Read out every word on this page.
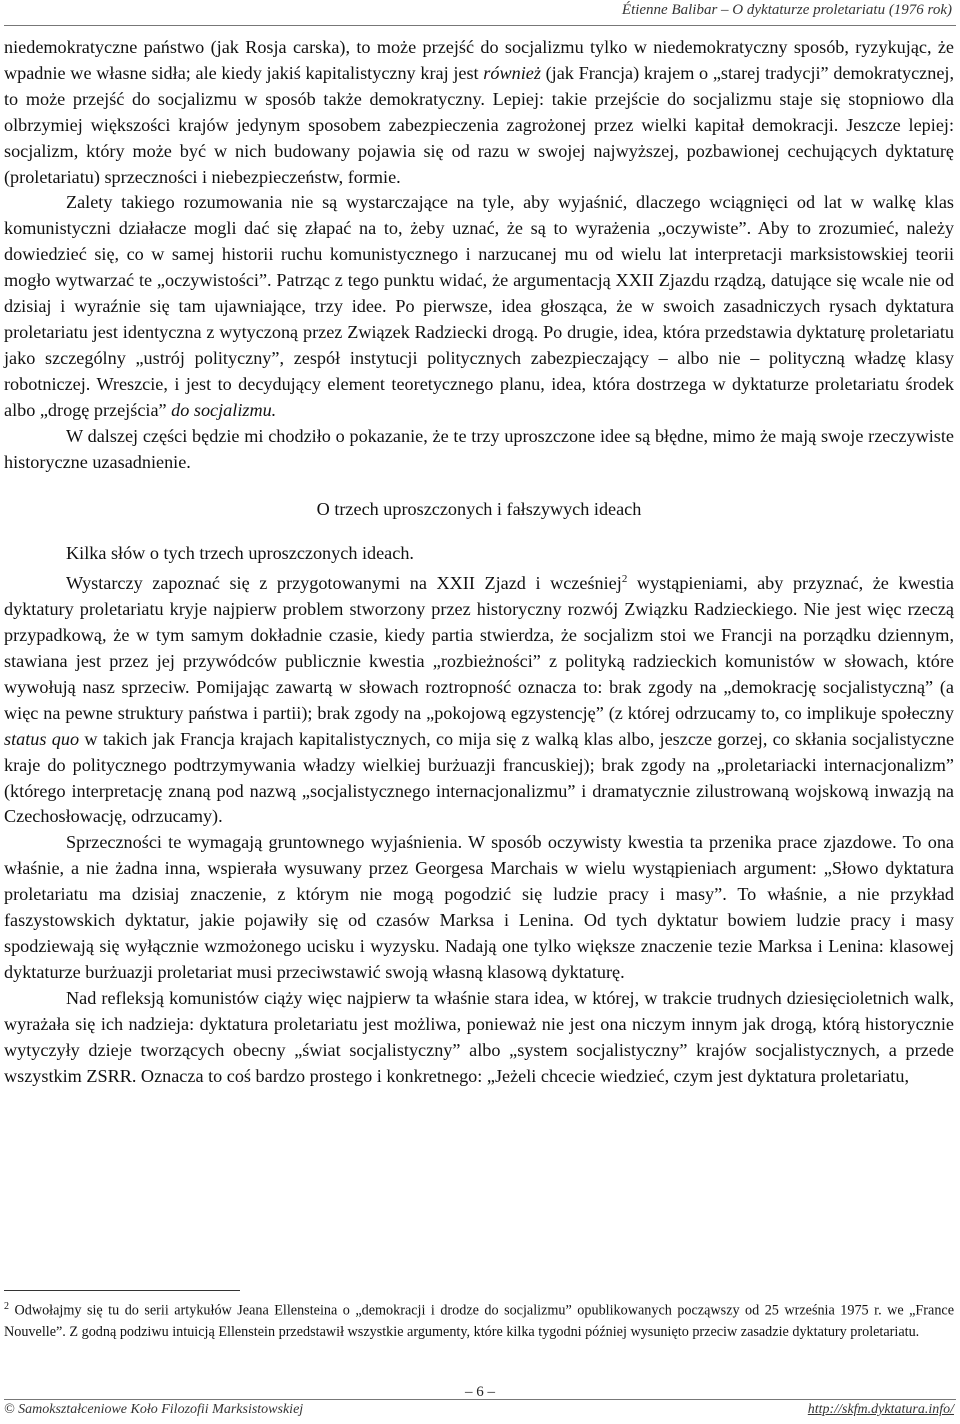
Étienne Balibar – O dyktaturze proletariatu (1976 rok)

niedemokratyczne państwo (jak Rosja carska), to może przejść do socjalizmu tylko w niedemokratyczny sposób, ryzykując, że wpadnie we własne sidła; ale kiedy jakiś kapitalistyczny kraj jest również (jak Francja) krajem o „starej tradycji” demokratycznej, to może przejść do socjalizmu w sposób także demokratyczny. Lepiej: takie przejście do socjalizmu staje się stopniowo dla olbrzymiej większości krajów jedynym sposobem zabezpieczenia zagrożonej przez wielki kapitał demokracji. Jeszcze lepiej: socjalizm, który może być w nich budowany pojawia się od razu w swojej najwyższej, pozbawionej cechujących dyktaturę (proletariatu) sprzeczności i niebezpieczeństw, formie.

Zalety takiego rozumowania nie są wystarczające na tyle, aby wyjaśnić, dlaczego wciągnięci od lat w walkę klas komunistyczni działacze mogli dać się złapać na to, żeby uznać, że są to wyrażenia „oczywiste”. Aby to zrozumieć, należy dowiedzieć się, co w samej historii ruchu komunistycznego i narzucanej mu od wielu lat interpretacji marksistowskiej teorii mogło wytwarzać te „oczywistości”. Patrząc z tego punktu widać, że argumentacją XXII Zjazdu rządzą, datujące się wcale nie od dzisiaj i wyraźnie się tam ujawniające, trzy idee. Po pierwsze, idea głosząca, że w swoich zasadniczych rysach dyktatura proletariatu jest identyczna z wytyczoną przez Związek Radziecki drogą. Po drugie, idea, która przedstawia dyktaturę proletariatu jako szczególny „ustrój polityczny”, zespół instytucji politycznych zabezpieczający – albo nie – polityczną władzę klasy robotniczej. Wreszcie, i jest to decydujący element teoretycznego planu, idea, która dostrzega w dyktaturze proletariatu środek albo „drogę przejścia” do socjalizmu.

W dalszej części będzie mi chodziło o pokazanie, że te trzy uproszczone idee są błędne, mimo że mają swoje rzeczywiste historyczne uzasadnienie.

O trzech uproszczonych i fałszywych ideach

Kilka słów o tych trzech uproszczonych ideach.

Wystarczy zapoznać się z przygotowanymi na XXII Zjazd i wcześniej$^2$ wystąpieniami, aby przyznać, że kwestia dyktatury proletariatu kryje najpierw problem stworzony przez historyczny rozwój Związku Radzieckiego. Nie jest więc rzeczą przypadkową, że w tym samym dokładnie czasie, kiedy partia stwierdza, że socjalizm stoi we Francji na porządku dziennym, stawiana jest przez jej przywódców publicznie kwestia „rozbieżności” z polityką radzieckich komunistów w słowach, które wywołują nasz sprzeciw. Pomijając zawartą w słowach roztropność oznacza to: brak zgody na „demokrację socjalistyczną” (a więc na pewne struktury państwa i partii); brak zgody na „pokojową egzystencję” (z której odrzucamy to, co implikuje społeczny status quo w takich jak Francja krajach kapitalistycznych, co mija się z walką klas albo, jeszcze gorzej, co skłania socjalistyczne kraje do politycznego podtrzymywania władzy wielkiej burżuazji francuskiej); brak zgody na „proletariacki internacjonalizm” (którego interpretację znaną pod nazwą „socjalistycznego internacjonalizmu” i dramatycznie zilustrowaną wojskową inwazją na Czechosłowację, odrzucamy).

Sprzeczności te wymagają gruntownego wyjaśnienia. W sposób oczywisty kwestia ta przenika prace zjazdowe. To ona właśnie, a nie żadna inna, wspierała wysuwany przez Georgesa Marchais w wielu wystąpieniach argument: „Słowo dyktatura proletariatu ma dzisiaj znaczenie, z którym nie mogą pogodzić się ludzie pracy i masy”. To właśnie, a nie przykład faszystowskich dyktatur, jakie pojawiły się od czasów Marksa i Lenina. Od tych dyktatur bowiem ludzie pracy i masy spodziewają się wyłącznie wzmożonego ucisku i wyzysku. Nadają one tylko większe znaczenie tezie Marksa i Lenina: klasowej dyktaturze burżuazji proletariat musi przeciwstawić swoją własną klasową dyktaturę.

Nad refleksją komunistów ciąży więc najpierw ta właśnie stara idea, w której, w trakcie trudnych dziesięcioletnich walk, wyrażała się ich nadzieja: dyktatura proletariatu jest możliwa, ponieważ nie jest ona niczym innym jak drogą, którą historycznie wytyczyły dzieje tworzących obecny „świat socjalistyczny” albo „system socjalistyczny” krajów socjalistycznych, a przede wszystkim ZSRR. Oznacza to coś bardzo prostego i konkretnego: „Jeżeli chcecie wiedzieć, czym jest dyktatura proletariatu,

$^2$ Odwołajmy się tu do serii artykułów Jeana Ellensteina o „demokracji i drodze do socjalizmu” opublikowanych począwszy od 25 września 1975 r. we „France Nouvelle”. Z godną podziwu intuicją Ellenstein przedstawił wszystkie argumenty, które kilka tygodni później wysunięto przeciw zasadzie dyktatury proletariatu.
– 6 –
© Samokształceniowe Koło Filozofii Marksistowskiej	http://skfm.dyktatura.info/
